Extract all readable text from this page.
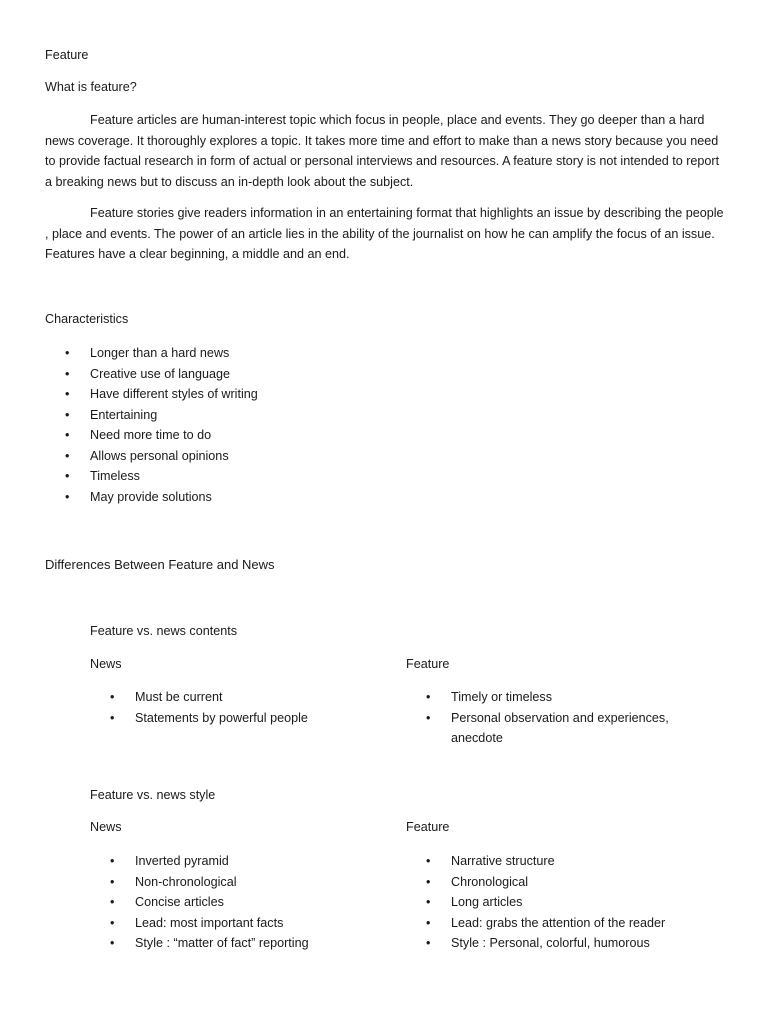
Feature

What is feature?

Feature articles are human-interest topic which focus in people, place and events. They go deeper than a hard news coverage. It thoroughly explores a topic. It takes more time and effort to make than a news story because you need to provide factual research in form of actual or personal interviews and resources. A feature story is not intended to report a breaking news but to discuss an in-depth look about the subject.

Feature stories give readers information in an entertaining format that highlights an issue by describing the people , place and events. The power of an article lies in the ability of the journalist on how he can amplify the focus of an issue. Features have a clear beginning, a middle and an end.

Characteristics

• Longer than a hard news
• Creative use of language
• Have different styles of writing
• Entertaining
• Need more time to do
• Allows personal opinions
• Timeless
• May provide solutions

Differences Between Feature and News

Feature vs. news contents

News	Feature

• Must be current
• Statements by powerful people
• Timely or timeless
• Personal observation and experiences, anecdote

Feature vs. news style

News	Feature

• Inverted pyramid
• Non-chronological
• Concise articles
• Lead: most important facts
• Style : “matter of fact” reporting
• Narrative structure
• Chronological
• Long articles
• Lead: grabs the attention of the reader
• Style : Personal, colorful, humorous
